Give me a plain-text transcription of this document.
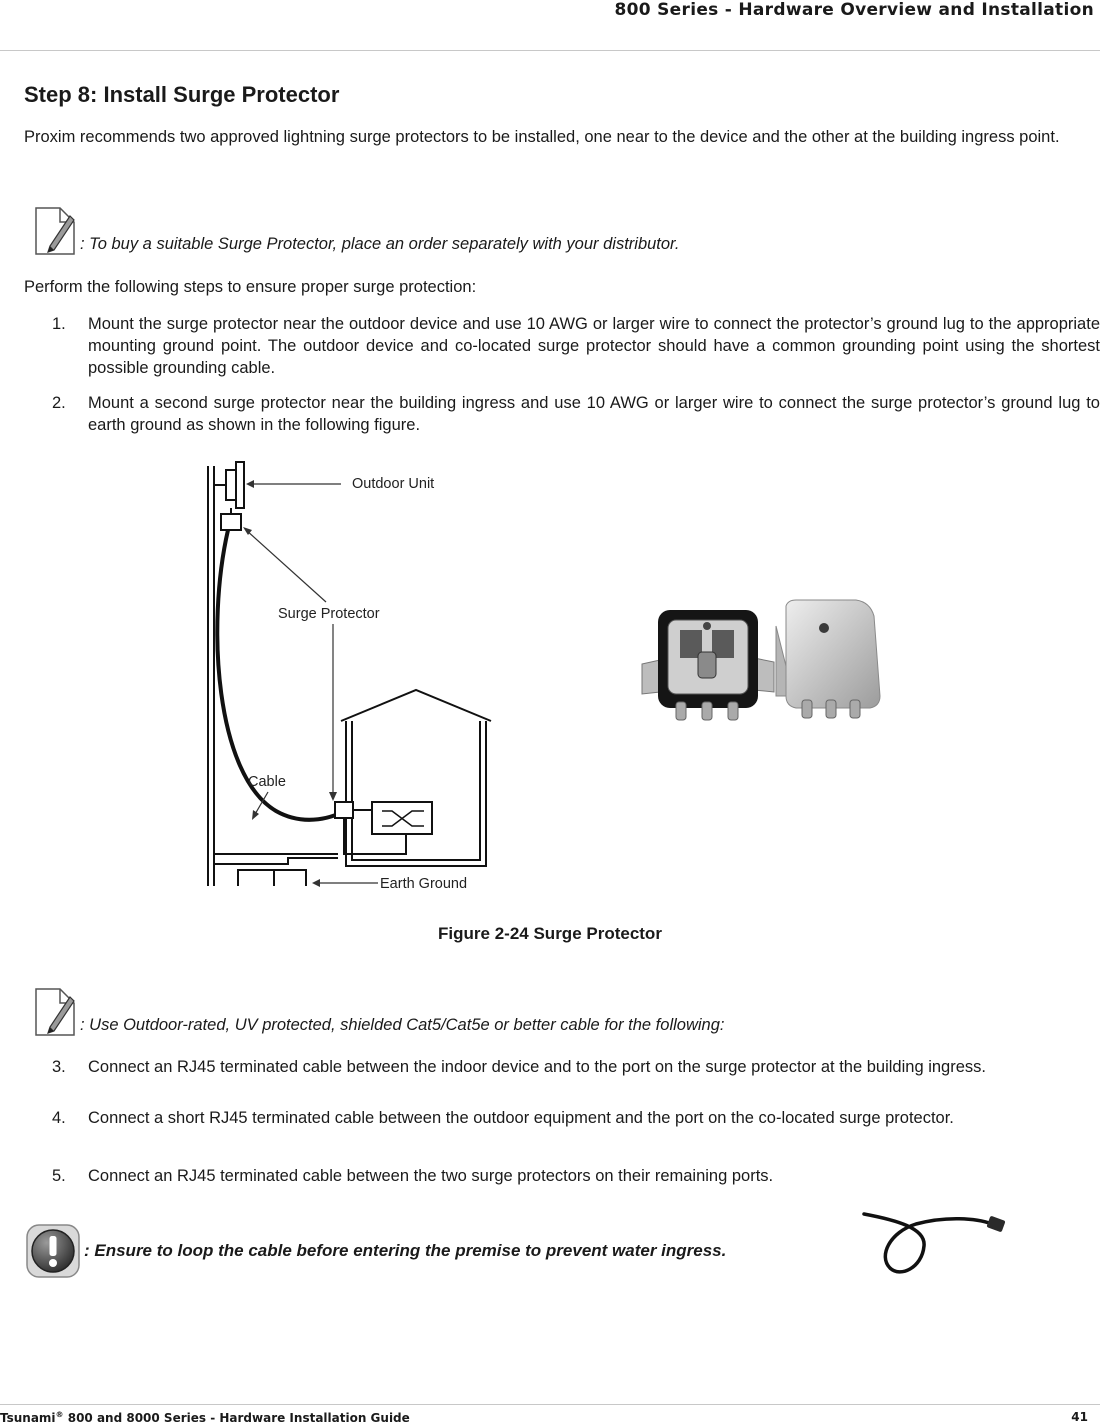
800 Series - Hardware Overview and Installation
Step 8: Install Surge Protector
Proxim recommends two approved lightning surge protectors to be installed, one near to the device and the other at the building ingress point.
: To buy a suitable Surge Protector, place an order separately with your distributor.
Perform the following steps to ensure proper surge protection:
1.	Mount the surge protector near the outdoor device and use 10 AWG or larger wire to connect the protector’s ground lug to the appropriate mounting ground point. The outdoor device and co-located surge protector should have a common grounding point using the shortest possible grounding cable.
2.	Mount a second surge protector near the building ingress and use 10 AWG or larger wire to connect the surge protector’s ground lug to earth ground as shown in the following figure.
Outdoor Unit
Surge Protector
Cable
Earth Ground
Figure 2-24 Surge Protector
: Use Outdoor-rated, UV protected, shielded Cat5/Cat5e or better cable for the following:
3.	Connect an RJ45 terminated cable between the indoor device and to the port on the surge protector at the building ingress.
4.	Connect a short RJ45 terminated cable between the outdoor equipment and the port on the co-located surge protector.
5.	Connect an RJ45 terminated cable between the two surge protectors on their remaining ports.
: Ensure to loop the cable before entering the premise to prevent water ingress.
Tsunami® 800 and 8000 Series - Hardware Installation Guide	41
